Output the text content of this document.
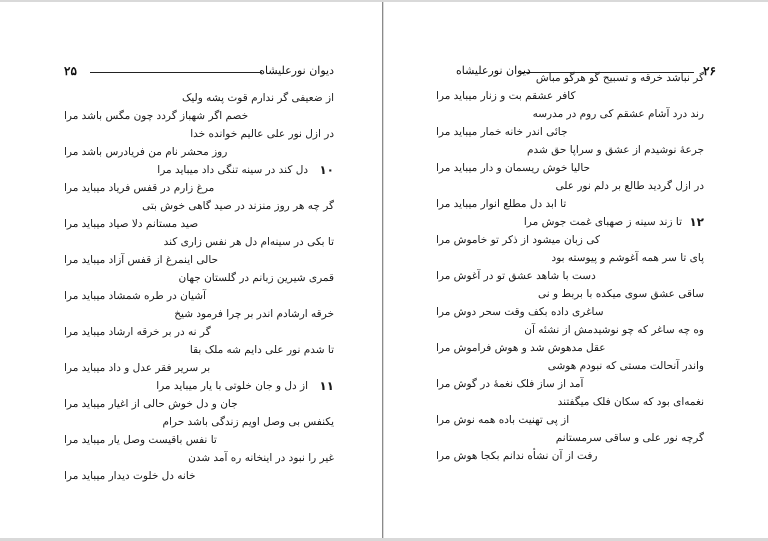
دیوان نورعلیشاه
۲۵
از ضعیفی گر ندارم قوت پشه ولیک
خصم اگر شهباز گردد چون مگس باشد مرا
در ازل نور علی عالیم خوانده خدا
روز محشر نام من فریادرس باشد مرا
۱۰
دل کند در سینه تنگی داد میباید مرا
مرغ زارم در قفس فریاد میباید مرا
گر چه هر روز منزند در صید گاهی خوش بتی
صید مستانم دلا صیاد میباید مرا
تا بکی در سینه‌ام دل هر نفس زاری کند
حالی اینمرغ از قفس آزاد میباید مرا
قمری شیرین زبانم در گلستان جهان
آشیان در طره شمشاد میباید مرا
خرقه ارشادم اندر بر چرا فرمود شیخ
گر نه در بر خرقه ارشاد میباید مرا
تا شدم نور علی دایم شه ملک بقا
بر سریر فقر عدل و داد میباید مرا
۱۱
از دل و جان خلوتی با یار میباید مرا
جان و دل خوش حالی از اغیار میباید مرا
یکنفس بی وصل اویم زندگی باشد حرام
تا نفس باقیست وصل یار میباید مرا
غیر را نبود در اینخانه ره آمد شدن
خانه دل خلوت دیدار میباید مرا
۲۶
دیوان نورعلیشاه
گر نباشد خرقه و تسبیح گو هرگو مباش
کافر عشقم بت و زنار میباید مرا
رند درد آشام عشقم کی روم در مدرسه
جائی اندر خانه خمار میباید مرا
جرعهٔ نوشیدم از عشق و سراپا حق شدم
حالیا خوش ریسمان و دار میباید مرا
در ازل گردید طالع بر دلم نور علی
تا ابد دل مطلع انوار میباید مرا
۱۲
تا زند سینه ز صهبای غمت جوش مرا
کی زبان میشود از ذکر تو خاموش مرا
پای تا سر همه آغوشم و پیوسته بود
دست با شاهد عشق تو در آغوش مرا
ساقی عشق سوی میکده با بربط و نی
ساغری داده بکف وقت سحر دوش مرا
وه چه ساغر که چو نوشیدمش از نشئه آن
عقل مدهوش شد و هوش فراموش مرا
واندر آنحالت مستی که نبودم هوشی
آمد از ساز فلک نغمهٔ در گوش مرا
نغمه‌ای بود که سکان فلک میگفتند
از پی تهنیت باده همه نوش مرا
گرچه نور علی و ساقی سرمستانم
رفت از آن نشأه ندانم بکجا هوش مرا
